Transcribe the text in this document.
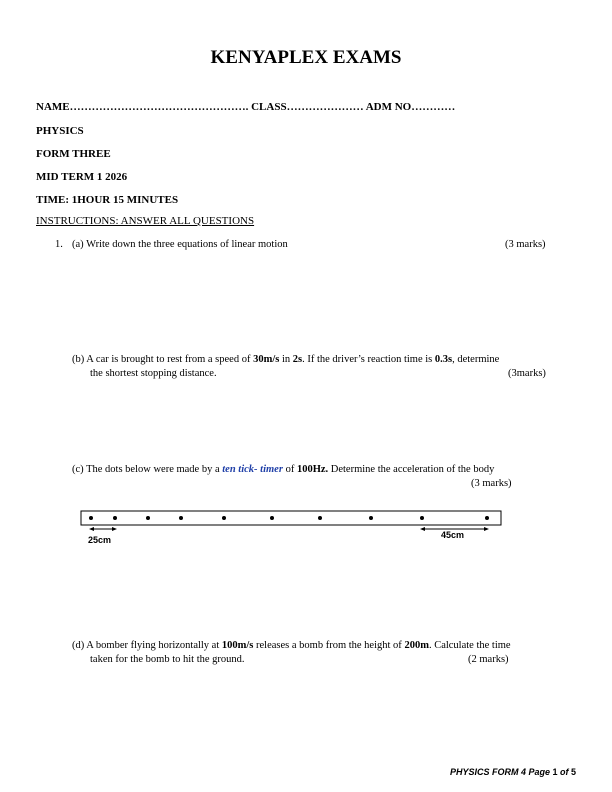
KENYAPLEX EXAMS
NAME…………………………………………. CLASS………………… ADM NO…………
PHYSICS
FORM THREE
MID TERM 1 2026
TIME: 1HOUR 15 MINUTES
INSTRUCTIONS: ANSWER ALL QUESTIONS
1. (a) Write down the three equations of linear motion	(3 marks)
(b) A car is brought to rest from a speed of 30m/s in 2s. If the driver’s reaction time is 0.3s, determine
the shortest stopping distance.	(3marks)
(c) The dots below were made by a ten tick- timer of 100Hz. Determine the acceleration of the body
(3 marks)
25cm	45cm
(d) A bomber flying horizontally at 100m/s releases a bomb from the height of 200m. Calculate the time
taken for the bomb to hit the ground.	(2 marks)
PHYSICS FORM 4 Page 1 of 5
